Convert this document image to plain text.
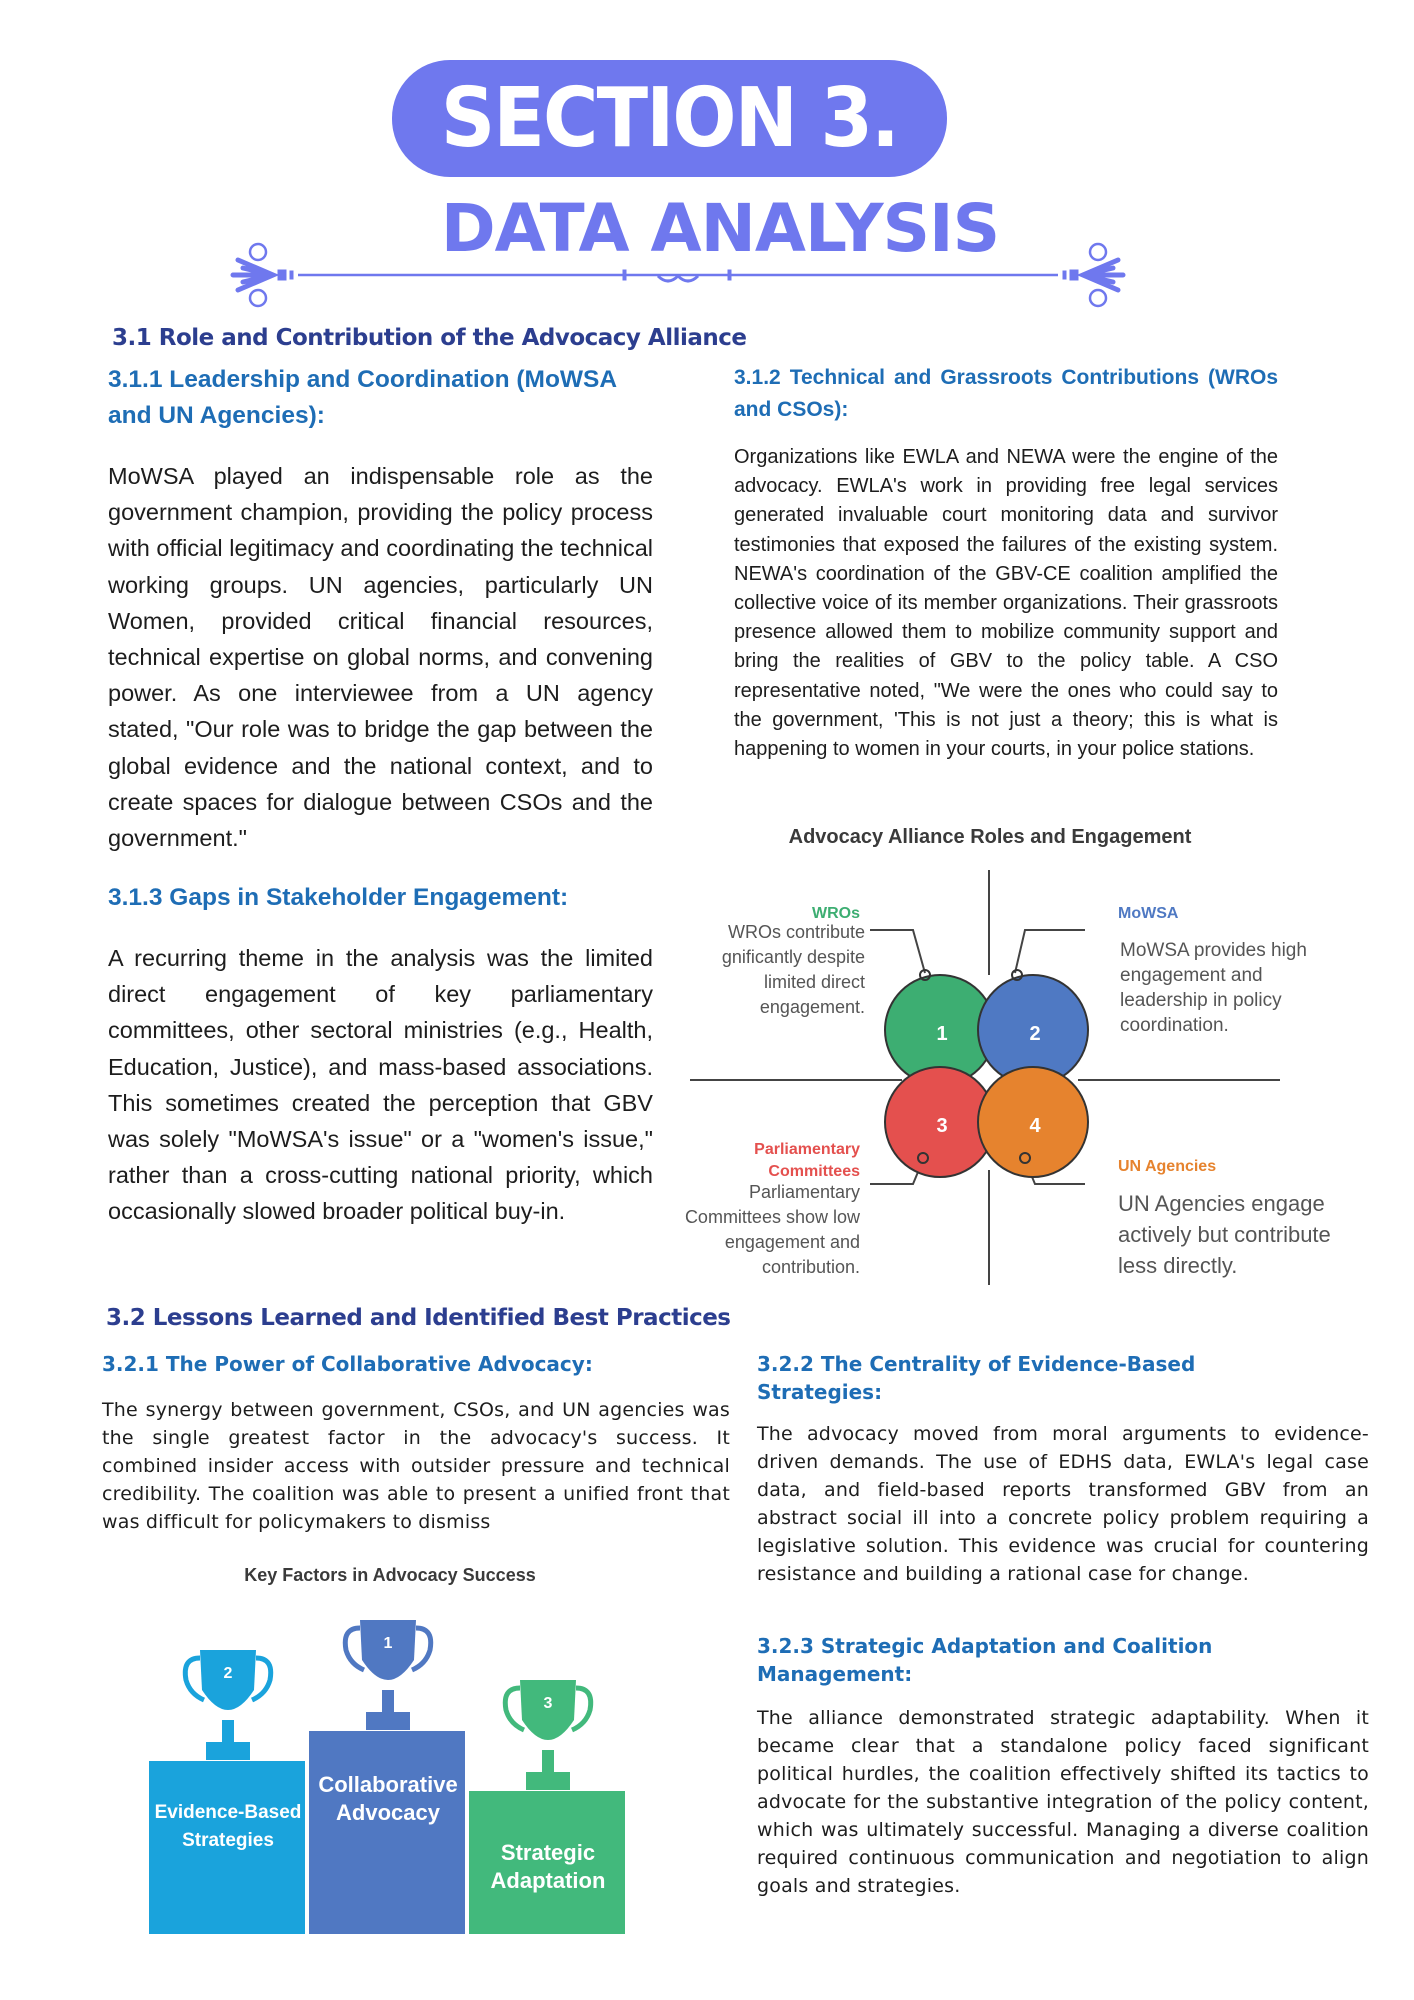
SECTION 3.
DATA ANALYSIS
3.1 Role and Contribution of the Advocacy Alliance
3.1.1 Leadership and Coordination (MoWSA and UN Agencies):
MoWSA played an indispensable role as the government champion, providing the policy process with official legitimacy and coordinating the technical working groups. UN agencies, particularly UN Women, provided critical financial resources, technical expertise on global norms, and convening power. As one interviewee from a UN agency stated, "Our role was to bridge the gap between the global evidence and the national context, and to create spaces for dialogue between CSOs and the government."
3.1.2 Technical and Grassroots Contributions (WROs and CSOs):
Organizations like EWLA and NEWA were the engine of the advocacy. EWLA's work in providing free legal services generated invaluable court monitoring data and survivor testimonies that exposed the failures of the existing system. NEWA's coordination of the GBV-CE coalition amplified the collective voice of its member organizations. Their grassroots presence allowed them to mobilize community support and bring the realities of GBV to the policy table. A CSO representative noted, "We were the ones who could say to the government, 'This is not just a theory; this is what is happening to women in your courts, in your police stations.
3.1.3 Gaps in Stakeholder Engagement:
A recurring theme in the analysis was the limited direct engagement of key parliamentary committees, other sectoral ministries (e.g., Health, Education, Justice), and mass-based associations. This sometimes created the perception that GBV was solely "MoWSA's issue" or a "women's issue," rather than a cross-cutting national priority, which occasionally slowed broader political buy-in.
Advocacy Alliance Roles and Engagement
1	2
3	4
WROs
WROs contribute
gnificantly despite
limited direct
engagement.
MoWSA
MoWSA provides high
engagement and
leadership in policy
coordination.
Parliamentary
Committees
Parliamentary
Committees show low
engagement and
contribution.
UN Agencies
UN Agencies engage
actively but contribute
less directly.
3.2 Lessons Learned and Identified Best Practices
3.2.1 The Power of Collaborative Advocacy:
The synergy between government, CSOs, and UN agencies was the single greatest factor in the advocacy's success. It combined insider access with outsider pressure and technical credibility. The coalition was able to present a unified front that was difficult for policymakers to dismiss
3.2.2 The Centrality of Evidence-Based Strategies:
The advocacy moved from moral arguments to evidence-driven demands. The use of EDHS data, EWLA's legal case data, and field-based reports transformed GBV from an abstract social ill into a concrete policy problem requiring a legislative solution. This evidence was crucial for countering resistance and building a rational case for change.
3.2.3 Strategic Adaptation and Coalition Management:
The alliance demonstrated strategic adaptability. When it became clear that a standalone policy faced significant political hurdles, the coalition effectively shifted its tactics to advocate for the substantive integration of the policy content, which was ultimately successful. Managing a diverse coalition required continuous communication and negotiation to align goals and strategies.
Key Factors in Advocacy Success
2
Evidence-Based
Strategies
1
Collaborative
Advocacy
3
Strategic
Adaptation
